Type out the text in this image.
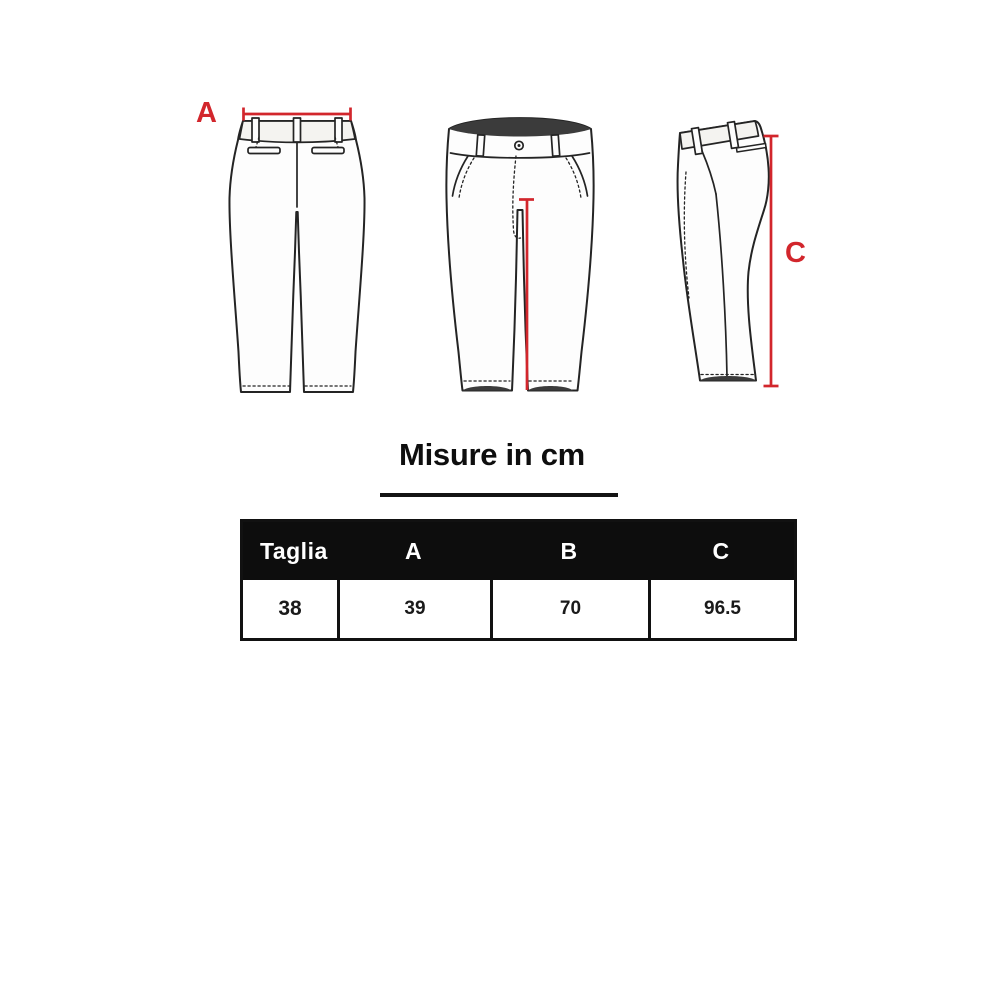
A
C
Misure in cm
Taglia	A	B	C
38	39	70	96.5
